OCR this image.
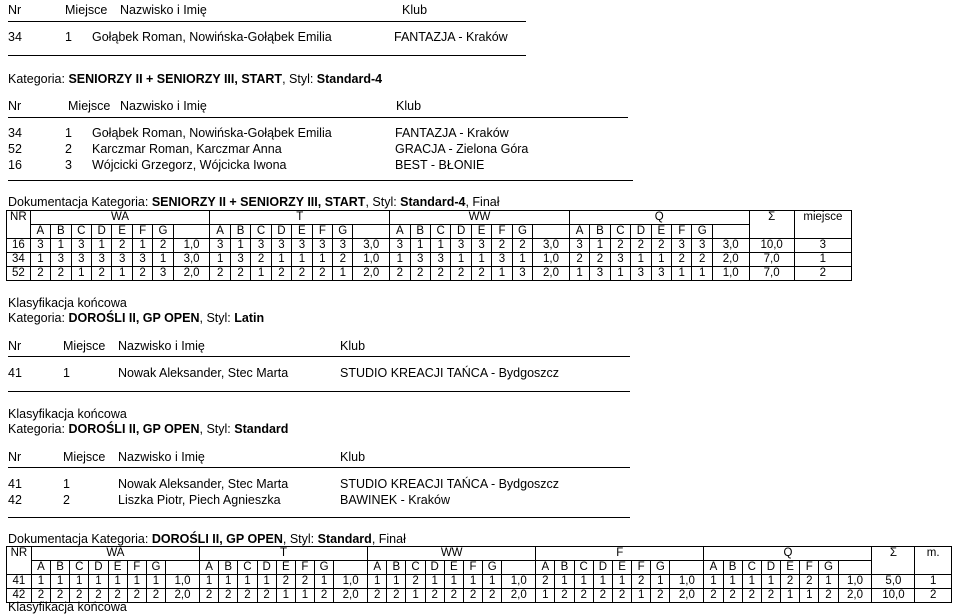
Nr	Miejsce Nazwisko i Imię	Klub
34	1 Gołąbek Roman, Nowińska-Gołąbek Emilia	FANTAZJA - Kraków
Kategoria: SENIORZY II + SENIORZY III, START, Styl: Standard-4
Nr	Miejsce Nazwisko i Imię	Klub
34	1 Gołąbek Roman, Nowińska-Gołąbek Emilia	FANTAZJA - Kraków
52	2 Karczmar Roman, Karczmar Anna	GRACJA - Zielona Góra
16	3 Wójcicki Grzegorz, Wójcicka Iwona	BEST - BŁONIE
Dokumentacja Kategoria: SENIORZY II + SENIORZY III, START, Styl: Standard-4, Finał
NR	WA								T								WW								Q								Σ	miejsce
	A	B	C	D	E	F	G		A	B	C	D	E	F	G		A	B	C	D	E	F	G		A	B	C	D	E	F	G			
16	3	1	3	1	2	1	2	1,0	3	1	3	3	3	3	3	3,0	3	1	1	3	3	2	2	3,0	3	1	2	2	2	3	3	3,0	10,0	3
34	1	3	3	3	3	3	1	3,0	1	3	2	1	1	1	2	1,0	1	3	3	1	1	3	1	1,0	2	2	3	1	1	2	2	2,0	7,0	1
52	2	2	1	2	1	2	3	2,0	2	2	1	2	2	2	1	2,0	2	2	2	2	2	1	3	2,0	1	3	1	3	3	1	1	1,0	7,0	2
Klasyfikacja końcowa
Kategoria: DOROŚLI II, GP OPEN, Styl: Latin
Nr	Miejsce Nazwisko i Imię	Klub
41	1	Nowak Aleksander, Stec Marta	STUDIO KREACJI TAŃCA - Bydgoszcz
Klasyfikacja końcowa
Kategoria: DOROŚLI II, GP OPEN, Styl: Standard
Nr	Miejsce Nazwisko i Imię	Klub
41	1	Nowak Aleksander, Stec Marta	STUDIO KREACJI TAŃCA - Bydgoszcz
42	2	Liszka Piotr, Piech Agnieszka	BAWINEK - Kraków
Dokumentacja Kategoria: DOROŚLI II, GP OPEN, Styl: Standard, Finał
NR	WA								T								WW								F								Q								Σ	m.
	A	B	C	D	E	F	G		A	B	C	D	E	F	G		A	B	C	D	E	F	G		A	B	C	D	E	F	G		A	B	C	D	E	F	G			
41	1	1	1	1	1	1	1	1,0	1	1	1	1	2	2	1	1,0	1	1	2	1	1	1	1	1,0	2	1	1	1	1	2	1	1,0	1	1	1	1	2	2	1	1,0	5,0	1
42	2	2	2	2	2	2	2	2,0	2	2	2	2	1	1	2	2,0	2	2	1	2	2	2	2	2,0	1	2	2	2	2	1	2	2,0	2	2	2	2	1	1	2	2,0	10,0	2
Klasyfikacja końcowa
